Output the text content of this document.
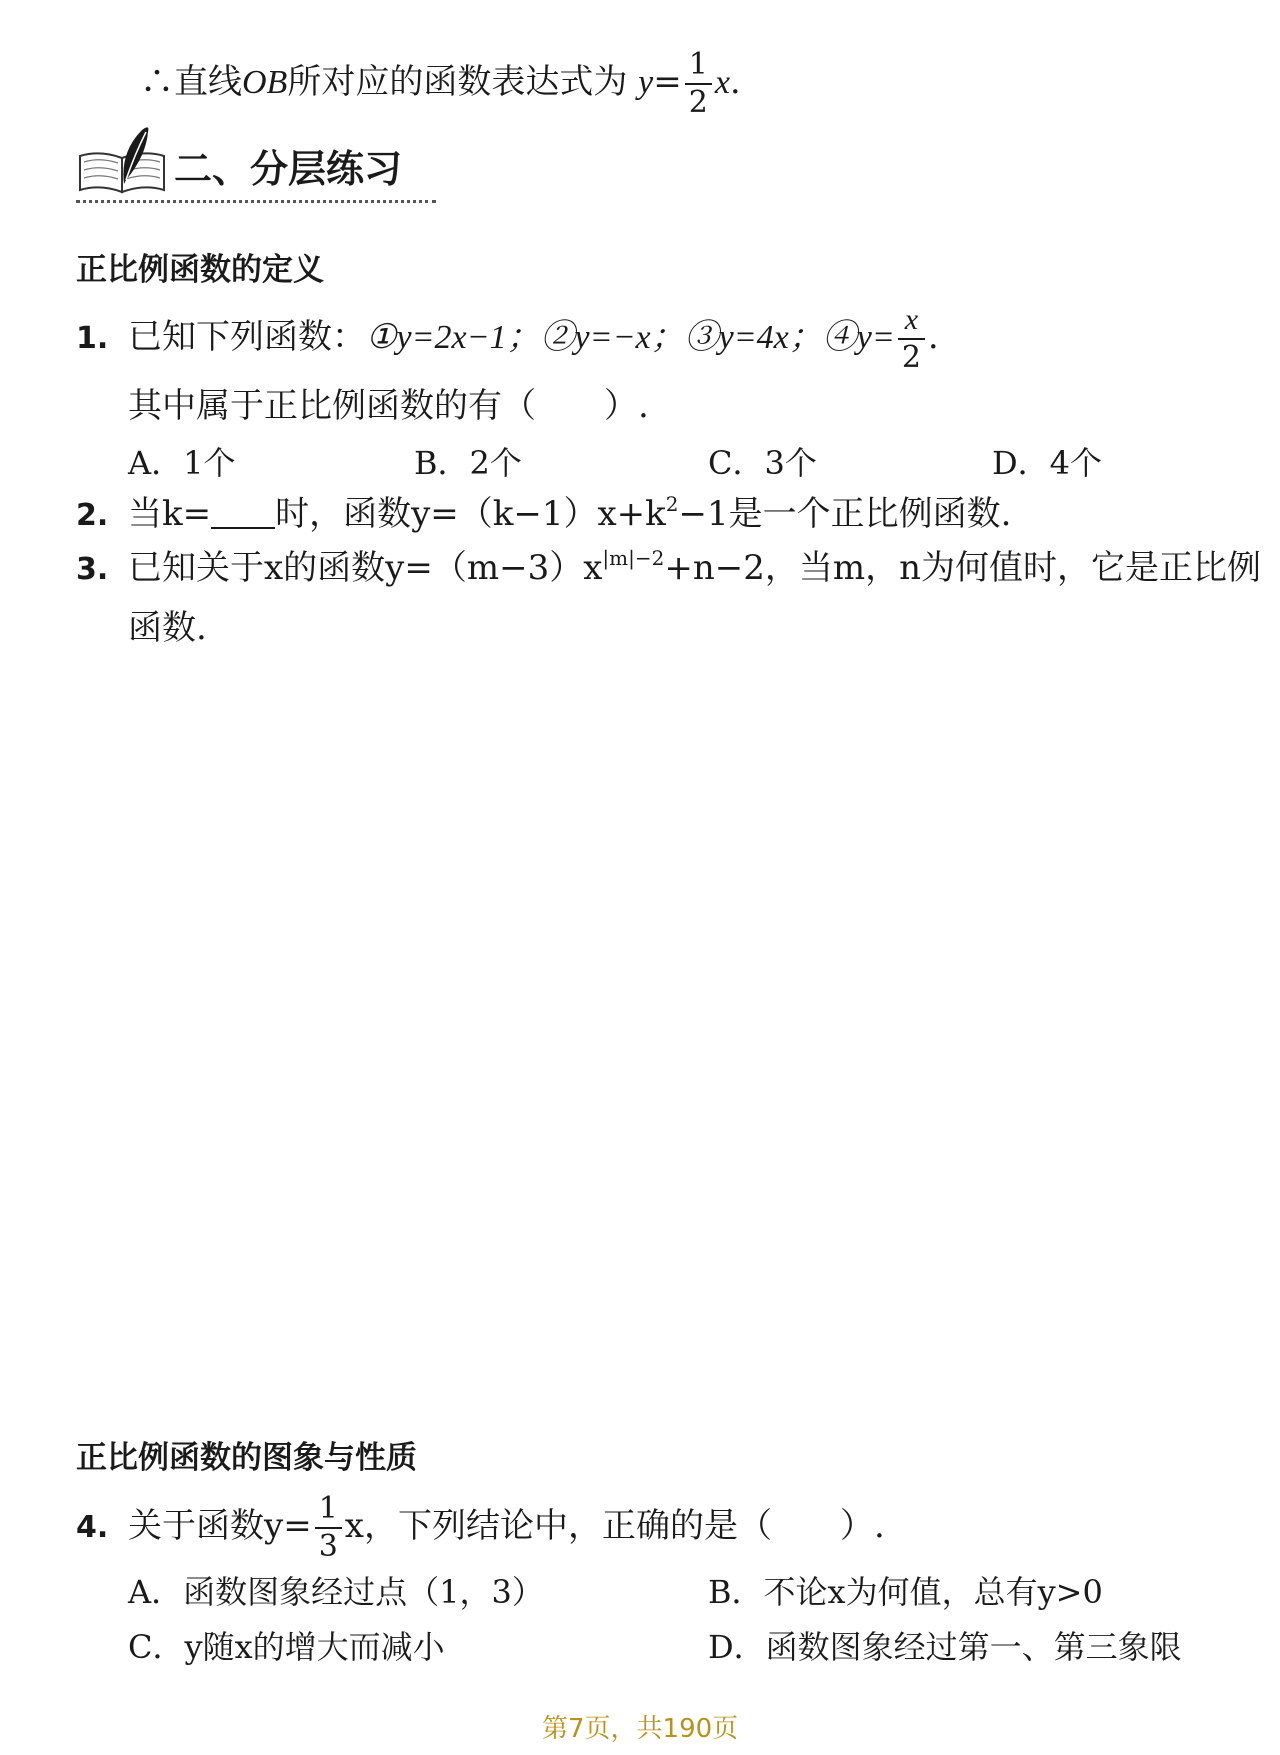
∴直线OB所对应的函数表达式为 $y= \frac{1}{2} x$.
二、分层练习
正比例函数的定义
1. 已知下列函数：①y=2x−1；②y=−x；③y=4x；④y= $\frac{x}{2}$ .
其中属于正比例函数的有（　　）.
A．1个	B．2个	C．3个	D．4个
2. 当k= 时，函数$y=(k-1)x+k^2-1$是一个正比例函数.
3. 已知关于x的函数$y=(m-3)x^{|m|-2}+n-2$，当m，n为何值时，它是正比例
函数.
正比例函数的图象与性质
4. 关于函数$y= \frac{1}{3}$ x，下列结论中，正确的是（　　）.
A．函数图象经过点（1，3）	B．不论x为何值，总有y>0
C．y随x的增大而减小	D．函数图象经过第一、第三象限
第7页，共190页
